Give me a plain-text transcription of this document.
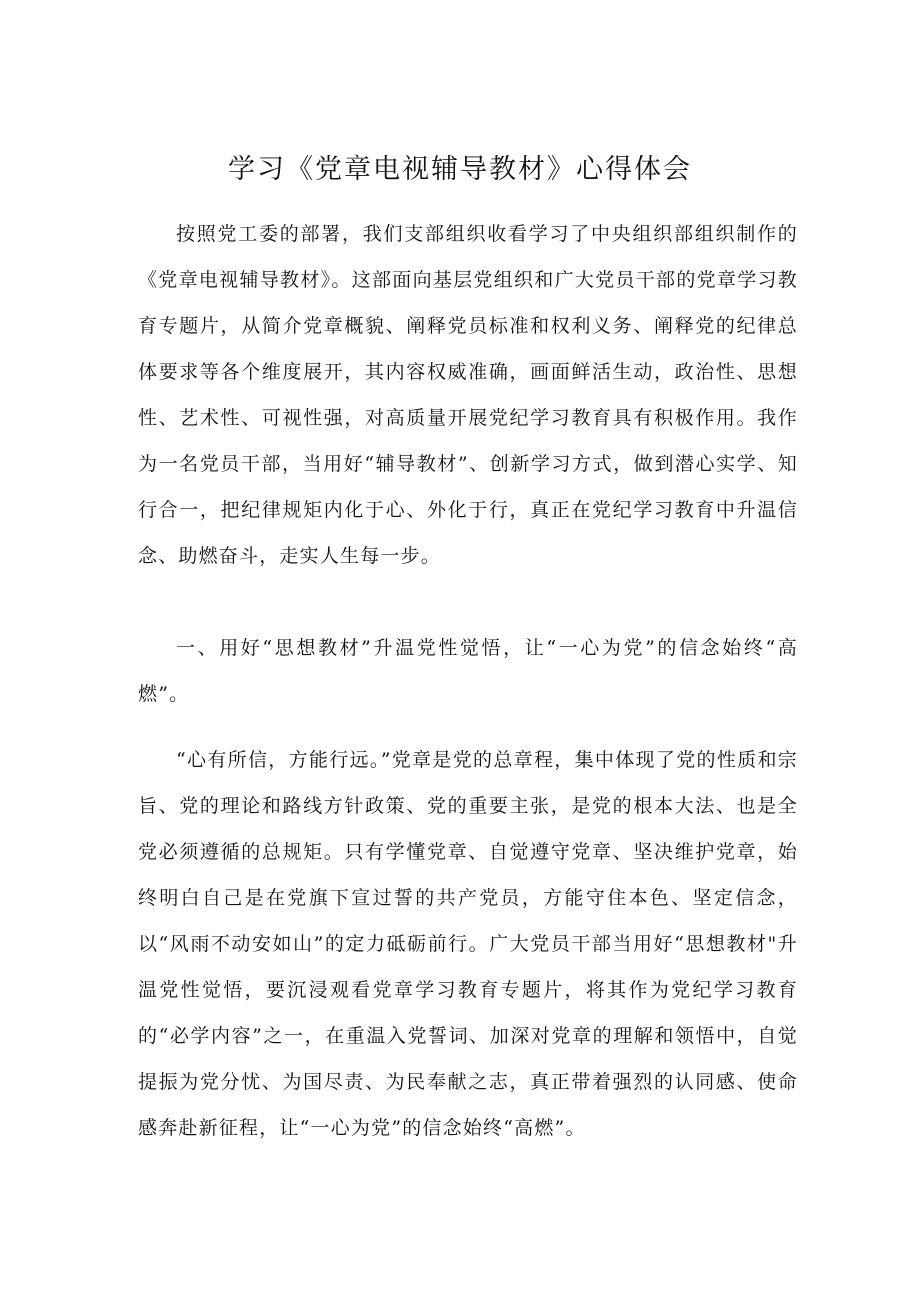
学习《党章电视辅导教材》心得体会

按照党工委的部署，我们支部组织收看学习了中央组织部组织制作的《党章电视辅导教材》。这部面向基层党组织和广大党员干部的党章学习教育专题片，从简介党章概貌、阐释党员标准和权利义务、阐释党的纪律总体要求等各个维度展开，其内容权威准确，画面鲜活生动，政治性、思想性、艺术性、可视性强，对高质量开展党纪学习教育具有积极作用。我作为一名党员干部，当用好“辅导教材”、创新学习方式，做到潜心实学、知行合一，把纪律规矩内化于心、外化于行，真正在党纪学习教育中升温信念、助燃奋斗，走实人生每一步。

一、用好“思想教材”升温党性觉悟，让“一心为党”的信念始终“高燃”。

“心有所信，方能行远。”党章是党的总章程，集中体现了党的性质和宗旨、党的理论和路线方针政策、党的重要主张，是党的根本大法、也是全党必须遵循的总规矩。只有学懂党章、自觉遵守党章、坚决维护党章，始终明白自己是在党旗下宣过誓的共产党员，方能守住本色、坚定信念，以“风雨不动安如山”的定力砥砺前行。广大党员干部当用好“思想教材"升温党性觉悟，要沉浸观看党章学习教育专题片，将其作为党纪学习教育的“必学内容”之一，在重温入党誓词、加深对党章的理解和领悟中，自觉提振为党分忧、为国尽责、为民奉献之志，真正带着强烈的认同感、使命感奔赴新征程，让“一心为党”的信念始终“高燃”。
